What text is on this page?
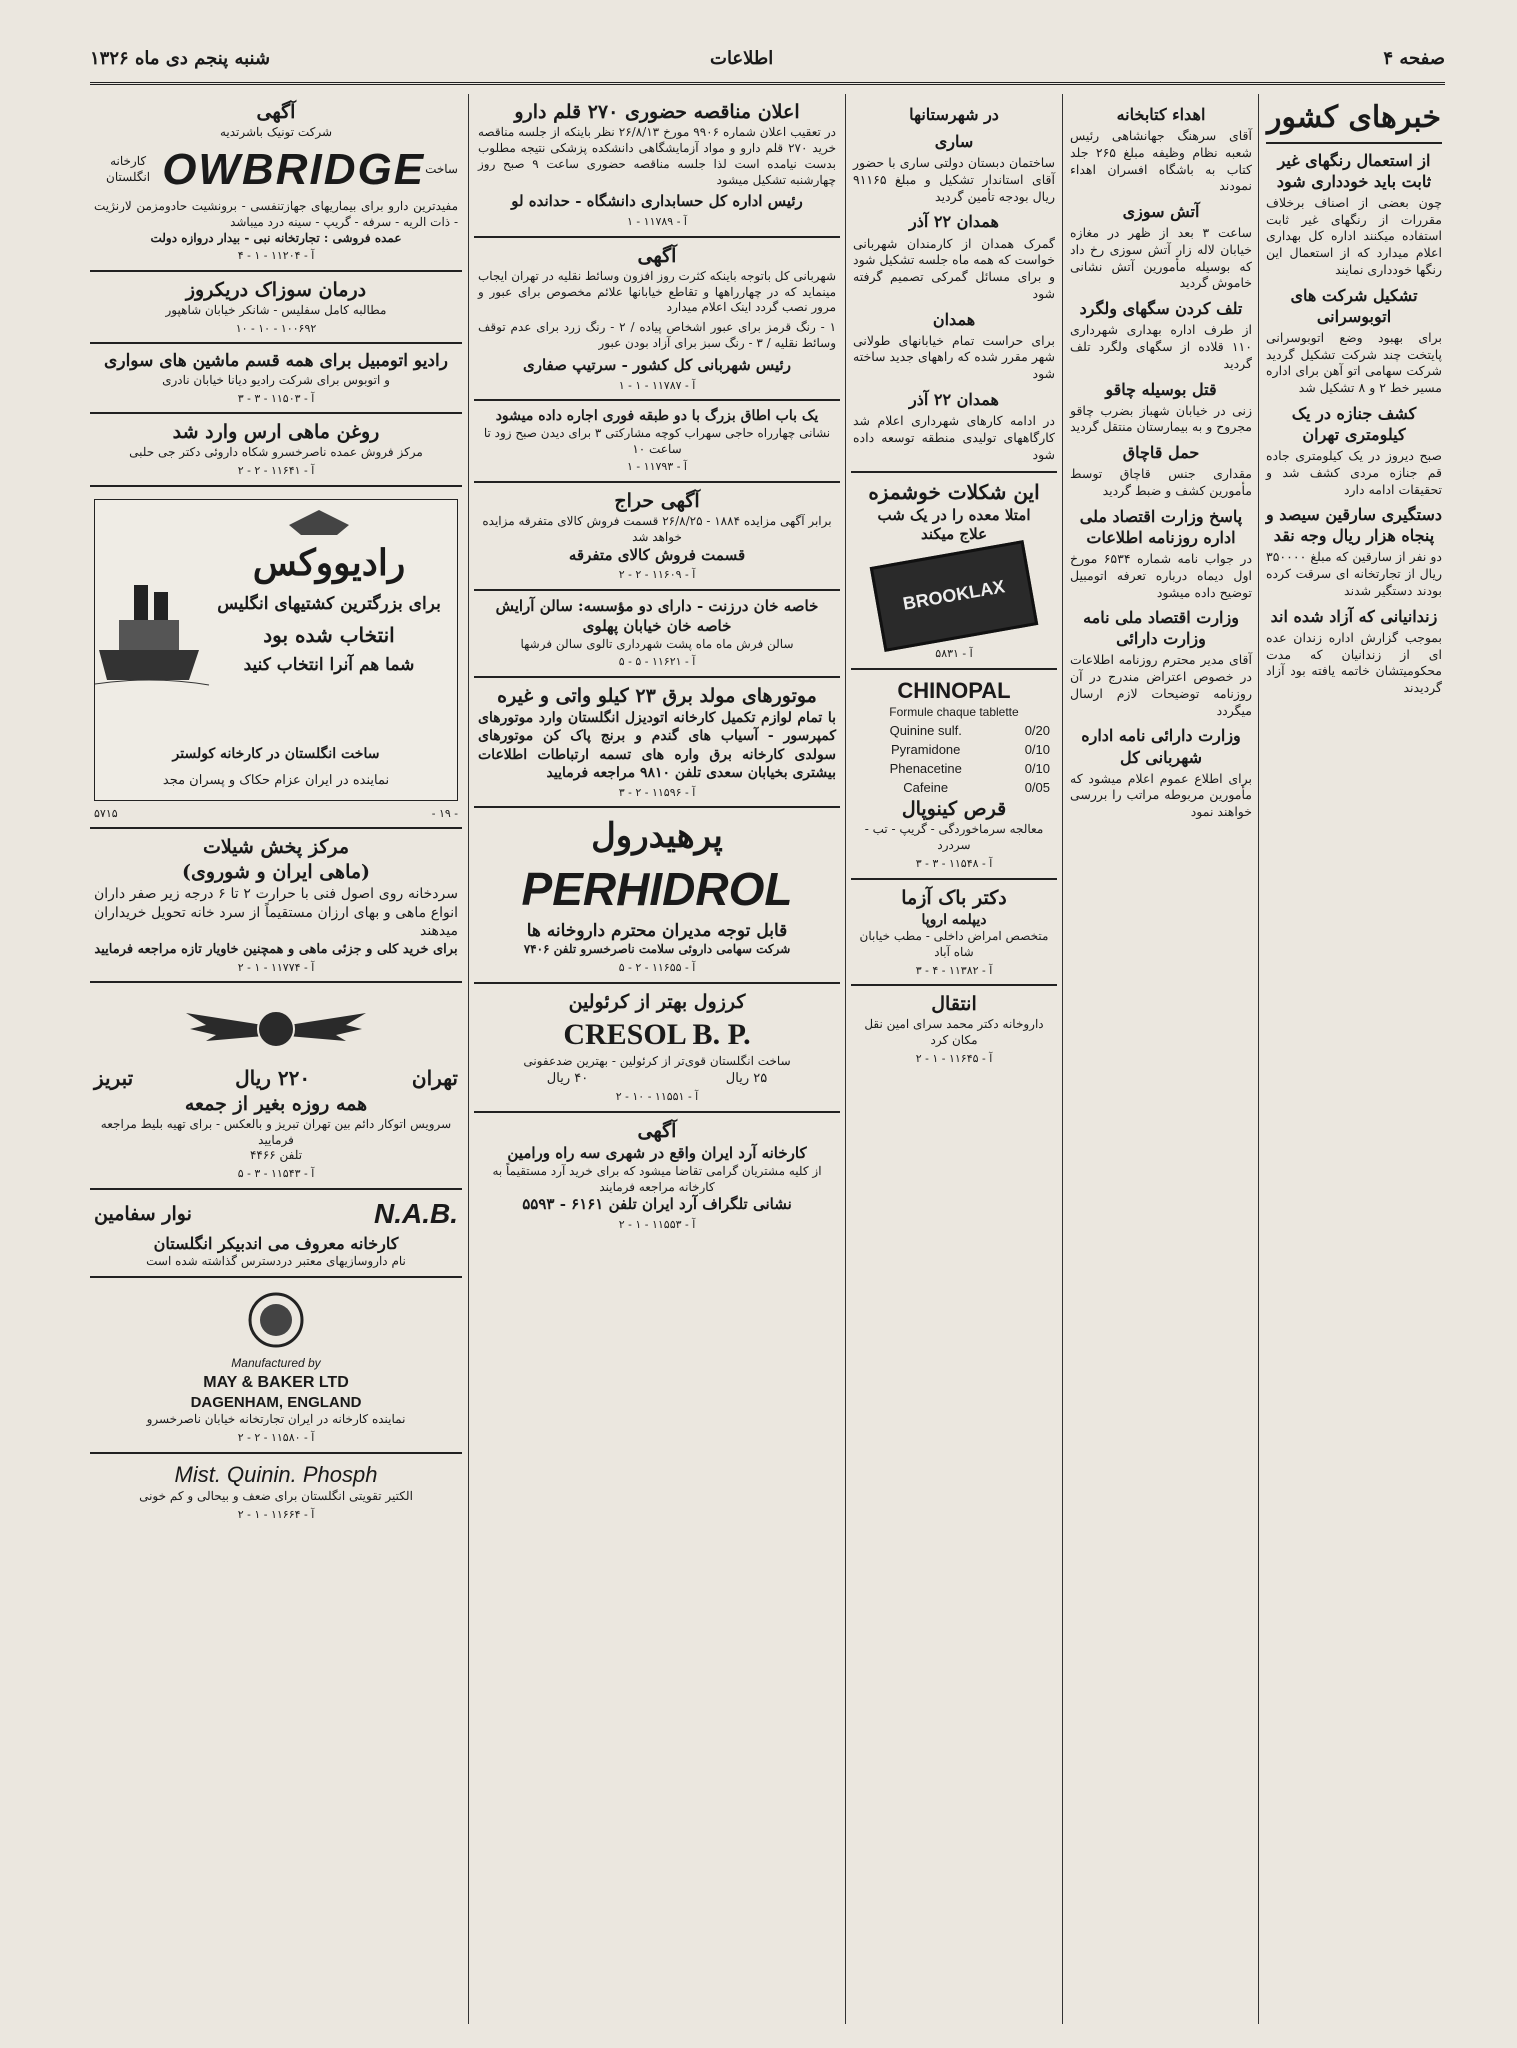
شنبه پنجم دی ماه ۱۳۲۶	اطلاعات	صفحه ۴
آگهی
شرکت تونیک باشرتدیه
ساخت
OWBRIDGE
کارخانه انگلستان
مفیدترین دارو برای بیماریهای جهازتنفسی - برونشیت حادومزمن لارنژیت - ذات الریه - سرفه - گریپ - سینه درد میباشد
عمده فروشی : تجارتخانه نبی - بیدار دروازه دولت
آ - ۱۱۲۰۴ - ۱ - ۴
درمان سوزاک دریکروز
مطالبه کامل سفلیس - شانکر خیابان شاهپور
۱۰۰۶۹۲ - ۱۰ - ۱۰
رادیو اتومبیل برای همه قسم ماشین های سواری
و اتوبوس برای شرکت رادیو دیانا خیابان نادری
آ - ۱۱۵۰۳ - ۳ - ۳
روغن ماهی ارس وارد شد
مرکز فروش عمده ناصرخسرو شکاه داروئی دکتر جی حلبی
آ - ۱۱۶۴۱ - ۲ - ۲
رادیووکس
برای بزرگترین کشتیهای انگلیس
انتخاب شده بود
شما هم آنرا انتخاب کنید
ساخت انگلستان در کارخانه کولستر
نماینده در ایران عزام حکاک و پسران مجد
- ۱۹ -
۵۷۱۵
مرکز پخش شیلات
(ماهی ایران و شوروی)
سردخانه روی اصول فنی با حرارت ۲ تا ۶ درجه زیر صفر داران انواع ماهی و بهای ارزان مستقیماً از سرد خانه تحویل خریداران میدهند
برای خرید کلی و جزئی ماهی و همچنین خاویار تازه مراجعه فرمایید
آ - ۱۱۷۷۴ - ۱ - ۲
تهران
۲۲۰ ریال
تبریز
همه روزه بغیر از جمعه
سرویس اتوکار دائم بین تهران تبریز و بالعکس - برای تهیه بلیط مراجعه فرمایید
تلفن ۴۴۶۶
آ - ۱۱۵۴۳ - ۳ - ۵
N.A.B.
نوار سفامین
کارخانه معروف می اندبیکر انگلستان
نام داروسازیهای معتبر دردسترس گذاشته شده است
Manufactured by
MAY & BAKER LTD
DAGENHAM, ENGLAND
نماینده کارخانه در ایران تجارتخانه خیابان ناصرخسرو
آ - ۱۱۵۸۰ - ۲ - ۲
Mist. Quinin. Phosph
الکتیر تقویتی انگلستان برای ضعف و بیحالی و کم خونی
آ - ۱۱۶۶۴ - ۱ - ۲
اعلان مناقصه حضوری ۲۷۰ قلم دارو
در تعقیب اعلان شماره ۹۹۰۶ مورخ ۲۶/۸/۱۳ نظر باینکه از جلسه مناقصه خرید ۲۷۰ قلم دارو و مواد آزمایشگاهی دانشکده پزشکی نتیجه مطلوب بدست نیامده است لذا جلسه مناقصه حضوری ساعت ۹ صبح روز چهارشنبه تشکیل میشود
رئیس اداره کل حسابداری دانشگاه - حدانده لو
آ - ۱۱۷۸۹ - ۱
آگهی
شهربانی کل باتوجه باینکه کثرت روز افزون وسائط نقلیه در تهران ایجاب مینماید که در چهارراهها و تقاطع خیابانها علائم مخصوص برای عبور و مرور نصب گردد اینک اعلام میدارد
۱ - رنگ قرمز برای عبور اشخاص پیاده / ۲ - رنگ زرد برای عدم توقف وسائط نقلیه / ۳ - رنگ سبز برای آزاد بودن عبور
رئیس شهربانی کل کشور - سرتیپ صفاری
آ - ۱۱۷۸۷ - ۱ - ۱
یک باب اطاق بزرگ با دو طبقه فوری اجاره داده میشود
نشانی چهارراه حاجی سهراب کوچه مشارکتی ۳ برای دیدن صبح زود تا ساعت ۱۰
آ - ۱۱۷۹۳ - ۱
آگهی حراج
برابر آگهی مزایده ۱۸۸۴ - ۲۶/۸/۲۵ قسمت فروش کالای متفرقه مزایده خواهد شد
قسمت فروش کالای متفرقه
آ - ۱۱۶۰۹ - ۲ - ۲
خاصه خان درزنت - دارای دو مؤسسه: سالن آرایش خاصه خان خیابان پهلوی
سالن فرش ماه ماه پشت شهرداری تالوی سالن فرشها
آ - ۱۱۶۲۱ - ۵ - ۵
موتورهای مولد برق ۲۳ کیلو واتی و غیره
با تمام لوازم تکمیل کارخانه اتودیزل انگلستان وارد موتورهای کمپرسور - آسیاب های گندم و برنج پاک کن موتورهای سولدی کارخانه برق واره های تسمه ارتباطات اطلاعات بیشتری بخیابان سعدی تلفن ۹۸۱۰ مراجعه فرمایید
آ - ۱۱۵۹۶ - ۲ - ۳
پرهیدرول
PERHIDROL
قابل توجه مدیران محترم داروخانه ها
شرکت سهامی داروئی سلامت ناصرخسرو تلفن ۷۴۰۶
آ - ۱۱۶۵۵ - ۲ - ۵
کرزول بهتر از کرئولین
CRESOL B. P.
ساخت انگلستان قوی‌تر از کرئولین - بهترین ضدعفونی
۲۵ ریال
۴۰ ریال
آ - ۱۱۵۵۱ - ۱۰ - ۲
آگهی
کارخانه آرد ایران واقع در شهری سه راه ورامین
از کلیه مشتریان گرامی تقاضا میشود که برای خرید آرد مستقیماً به کارخانه مراجعه فرمایند
نشانی تلگراف آرد ایران تلفن ۶۱۶۱ - ۵۵۹۳
آ - ۱۱۵۵۳ - ۱ - ۲
در شهرستانها
ساری

ساختمان دبستان دولتی ساری با حضور آقای استاندار تشکیل و مبلغ ۹۱۱۶۵ ریال بودجه تأمین گردید

همدان ۲۲ آذر

گمرک همدان از کارمندان شهربانی خواست که همه ماه جلسه تشکیل شود و برای مسائل گمرکی تصمیم گرفته شود

همدان

برای حراست تمام خیابانهای طولانی شهر مقرر شده که راههای جدید ساخته شود

همدان ۲۲ آذر

در ادامه کارهای شهرداری اعلام شد کارگاههای تولیدی منطقه توسعه داده شود

این شکلات خوشمزه
امتلا معده را در یک شب
علاج میکند
BROOKLAX
آ - ۵۸۳۱
CHINOPAL
Formule chaque tablette
Quinine sulf.	0/20
Pyramidone	0/10
Phenacetine	0/10
Cafeine	0/05
قرص کینوپال
معالجه سرماخوردگی - گریپ - تب - سردرد
آ - ۱۱۵۴۸ - ۳ - ۳
دکتر باک آزما
دیپلمه اروپا
متخصص امراض داخلی - مطب خیابان شاه آباد
آ - ۱۱۳۸۲ - ۴ - ۳
انتقال
داروخانه دکتر محمد سرای امین نقل مکان کرد
آ - ۱۱۶۴۵ - ۱ - ۲
اهداء کتابخانه

آقای سرهنگ جهانشاهی رئیس شعبه نظام وظیفه مبلغ ۲۶۵ جلد کتاب به باشگاه افسران اهداء نمودند

آتش سوزی

ساعت ۳ بعد از ظهر در مغازه خیابان لاله زار آتش سوزی رخ داد که بوسیله مأمورین آتش نشانی خاموش گردید

تلف کردن سگهای ولگرد

از طرف اداره بهداری شهرداری ۱۱۰ قلاده از سگهای ولگرد تلف گردید

قتل بوسیله چاقو

زنی در خیابان شهباز بضرب چاقو مجروح و به بیمارستان منتقل گردید

حمل قاچاق

مقداری جنس قاچاق توسط مأمورین کشف و ضبط گردید

پاسخ وزارت اقتصاد ملی اداره روزنامه اطلاعات

در جواب نامه شماره ۶۵۳۴ مورخ اول دیماه درباره تعرفه اتومبیل توضیح داده میشود

وزارت اقتصاد ملی نامه وزارت دارائی

آقای مدیر محترم روزنامه اطلاعات در خصوص اعتراض مندرج در آن روزنامه توضیحات لازم ارسال میگردد

وزارت دارائی نامه اداره شهربانی کل

برای اطلاع عموم اعلام میشود که مأمورین مربوطه مراتب را بررسی خواهند نمود

خبرهای کشور
از استعمال رنگهای غیر ثابت باید خودداری شود

چون بعضی از اصناف برخلاف مقررات از رنگهای غیر ثابت استفاده میکنند اداره کل بهداری اعلام میدارد که از استعمال این رنگها خودداری نمایند

تشکیل شرکت های اتوبوسرانی

برای بهبود وضع اتوبوسرانی پایتخت چند شرکت تشکیل گردید شرکت سهامی اتو آهن برای اداره مسیر خط ۲ و ۸ تشکیل شد

کشف جنازه در یک کیلومتری تهران

صبح دیروز در یک کیلومتری جاده قم جنازه مردی کشف شد و تحقیقات ادامه دارد

دستگیری سارقین سیصد و پنجاه هزار ریال وجه نقد

دو نفر از سارقین که مبلغ ۳۵۰۰۰۰ ریال از تجارتخانه ای سرقت کرده بودند دستگیر شدند

زندانیانی که آزاد شده اند

بموجب گزارش اداره زندان عده ای از زندانیان که مدت محکومیتشان خاتمه یافته بود آزاد گردیدند
